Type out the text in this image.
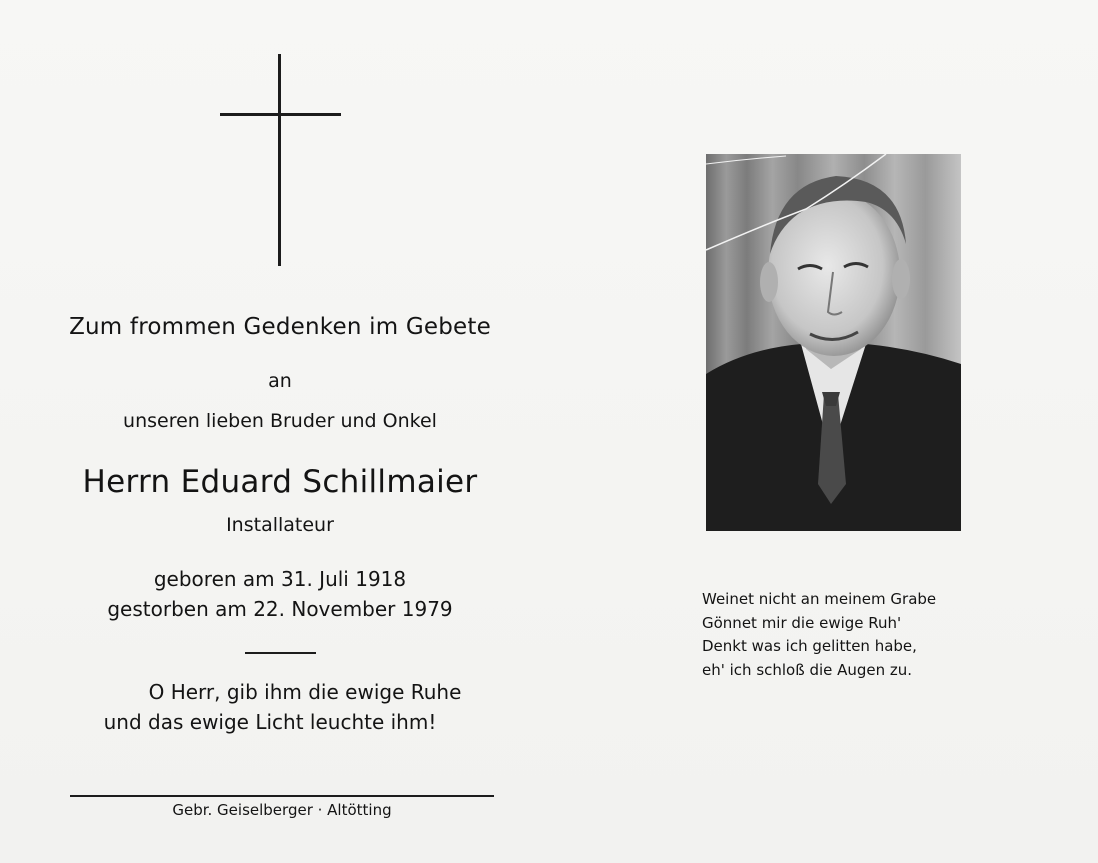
Zum frommen Gedenken im Gebete
an
unseren lieben Bruder und Onkel
Herrn Eduard Schillmaier
Installateur
geboren am 31. Juli 1918
gestorben am 22. November 1979
O Herr, gib ihm die ewige Ruhe
und das ewige Licht leuchte ihm!
Gebr. Geiselberger · Altötting
Weinet nicht an meinem Grabe
Gönnet mir die ewige Ruh'
Denkt was ich gelitten habe,
eh' ich schloß die Augen zu.
